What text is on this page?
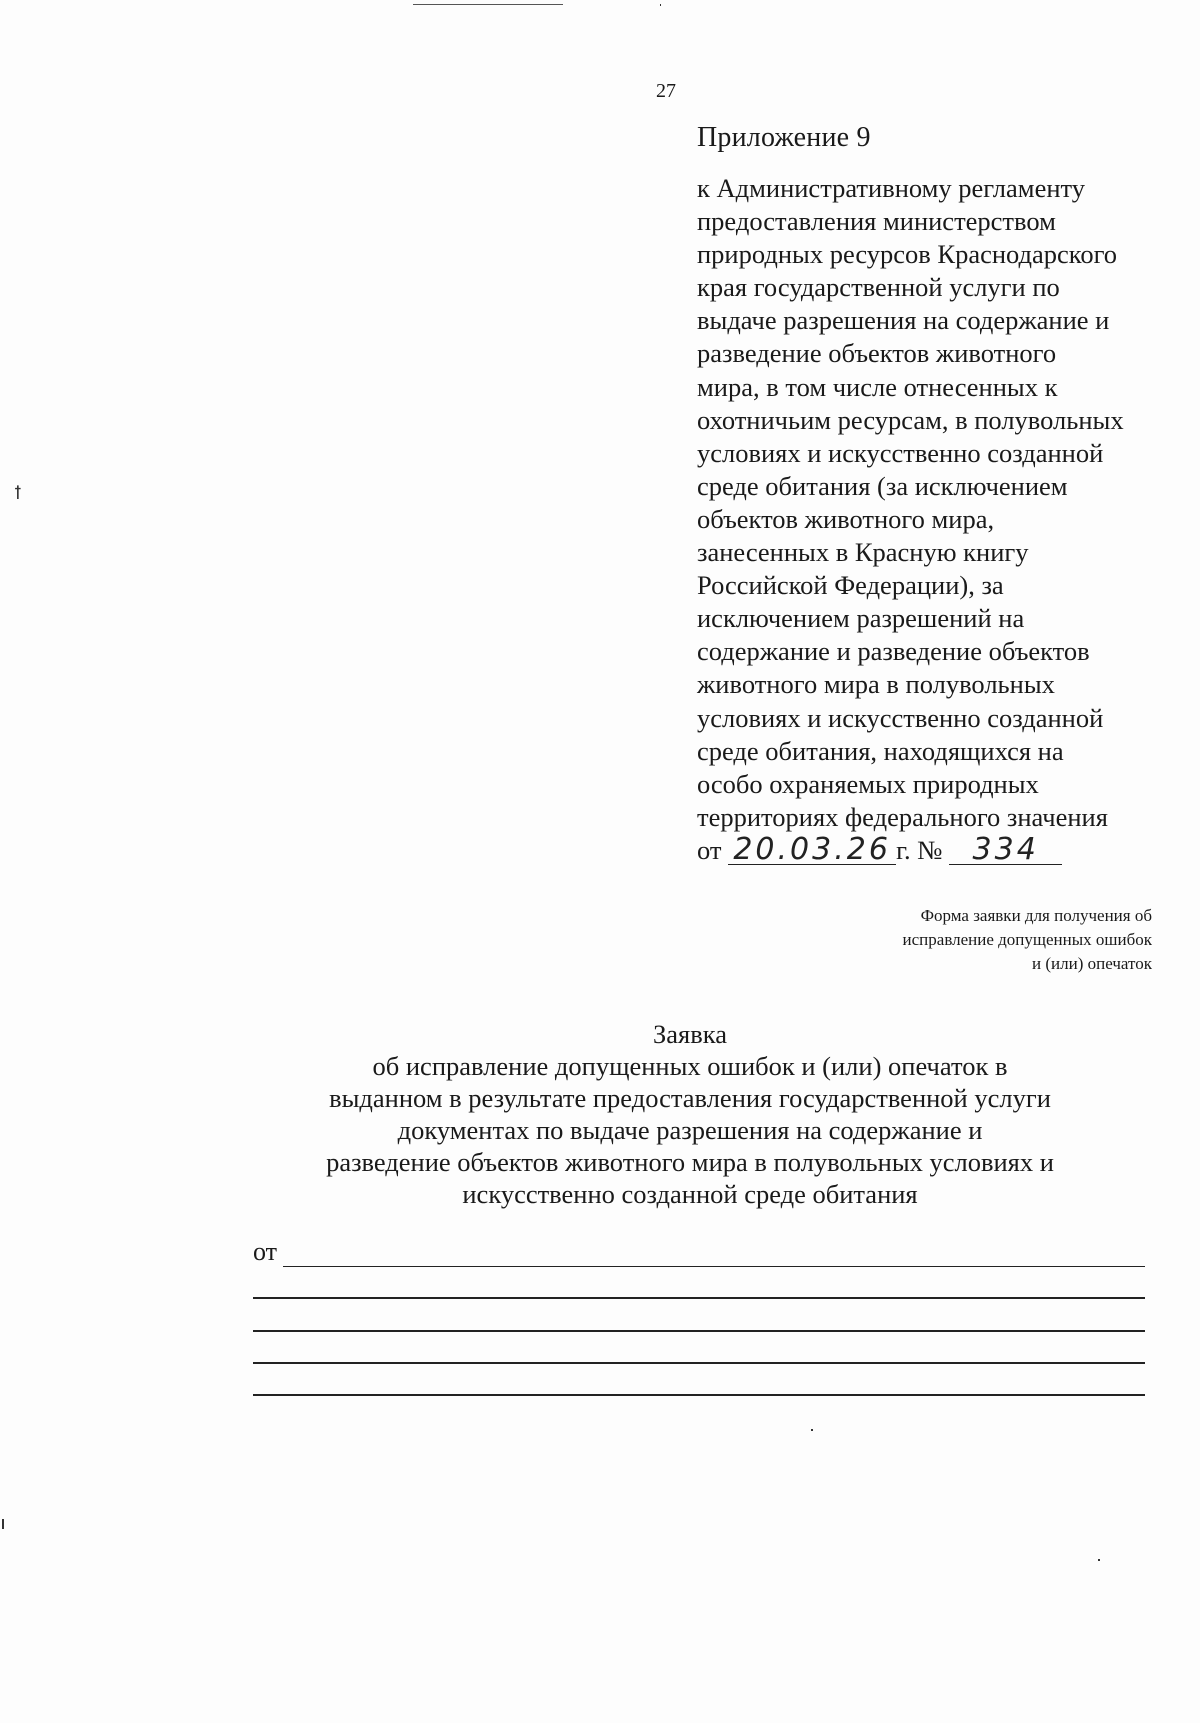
27
Приложение 9
к Административному регламенту
предоставления министерством
природных ресурсов Краснодарского
края государственной услуги по
выдаче разрешения на содержание и
разведение объектов животного
мира, в том числе отнесенных к
охотничьим ресурсам, в полувольных
условиях и искусственно созданной
среде обитания (за исключением
объектов животного мира,
занесенных в Красную книгу
Российской Федерации), за
исключением разрешений на
содержание и разведение объектов
животного мира в полувольных
условиях и искусственно созданной
среде обитания, находящихся на
особо охраняемых природных
территориях федерального значения
от 20.03.26 г. № 334
Форма заявки для получения об
исправление допущенных ошибок
и (или) опечаток
Заявка
об исправление допущенных ошибок и (или) опечаток в
выданном в результате предоставления государственной услуги
документах по выдаче разрешения на содержание и
разведение объектов животного мира в полувольных условиях и
искусственно созданной среде обитания
от
ꝉ
